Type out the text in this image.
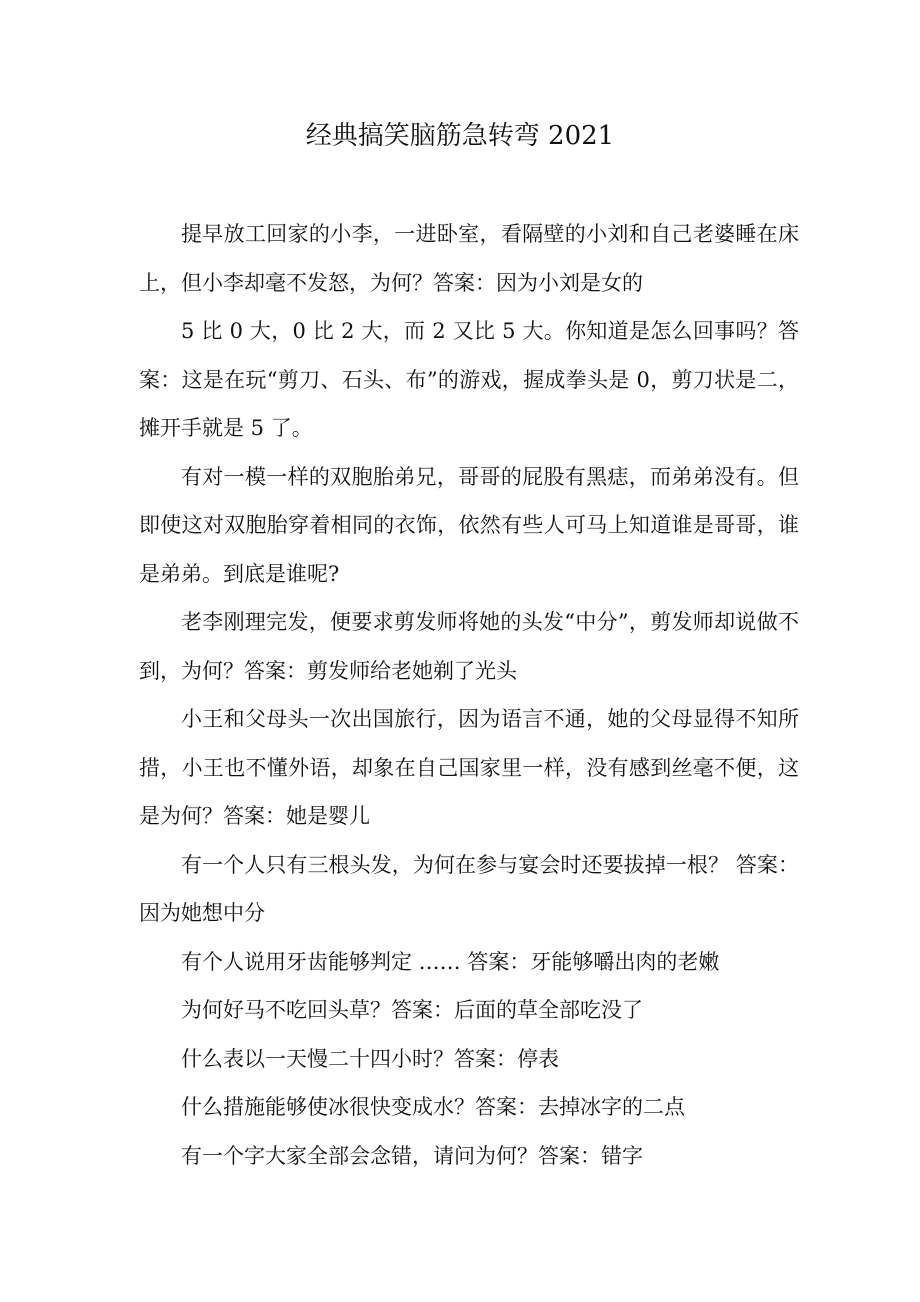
经典搞笑脑筋急转弯 2021

提早放工回家的小李，一进卧室，看隔壁的小刘和自己老婆睡在床上，但小李却毫不发怒，为何？答案：因为小刘是女的

5 比 0 大，0 比 2 大，而 2 又比 5 大。你知道是怎么回事吗？答案：这是在玩“剪刀、石头、布”的游戏，握成拳头是 0，剪刀状是二，摊开手就是 5 了。

有对一模一样的双胞胎弟兄，哥哥的屁股有黑痣，而弟弟没有。但即使这对双胞胎穿着相同的衣饰，依然有些人可马上知道谁是哥哥，谁是弟弟。到底是谁呢?

老李刚理完发，便要求剪发师将她的头发“中分”，剪发师却说做不到，为何？答案：剪发师给老她剃了光头

小王和父母头一次出国旅行，因为语言不通，她的父母显得不知所措，小王也不懂外语，却象在自己国家里一样，没有感到丝毫不便，这是为何？答案：她是婴儿

有一个人只有三根头发，为何在参与宴会时还要拔掉一根？ 答案：因为她想中分

有个人说用牙齿能够判定 …… 答案：牙能够嚼出肉的老嫩

为何好马不吃回头草？答案：后面的草全部吃没了

什么表以一天慢二十四小时？答案：停表

什么措施能够使冰很快变成水？答案：去掉冰字的二点

有一个字大家全部会念错，请问为何？答案：错字
